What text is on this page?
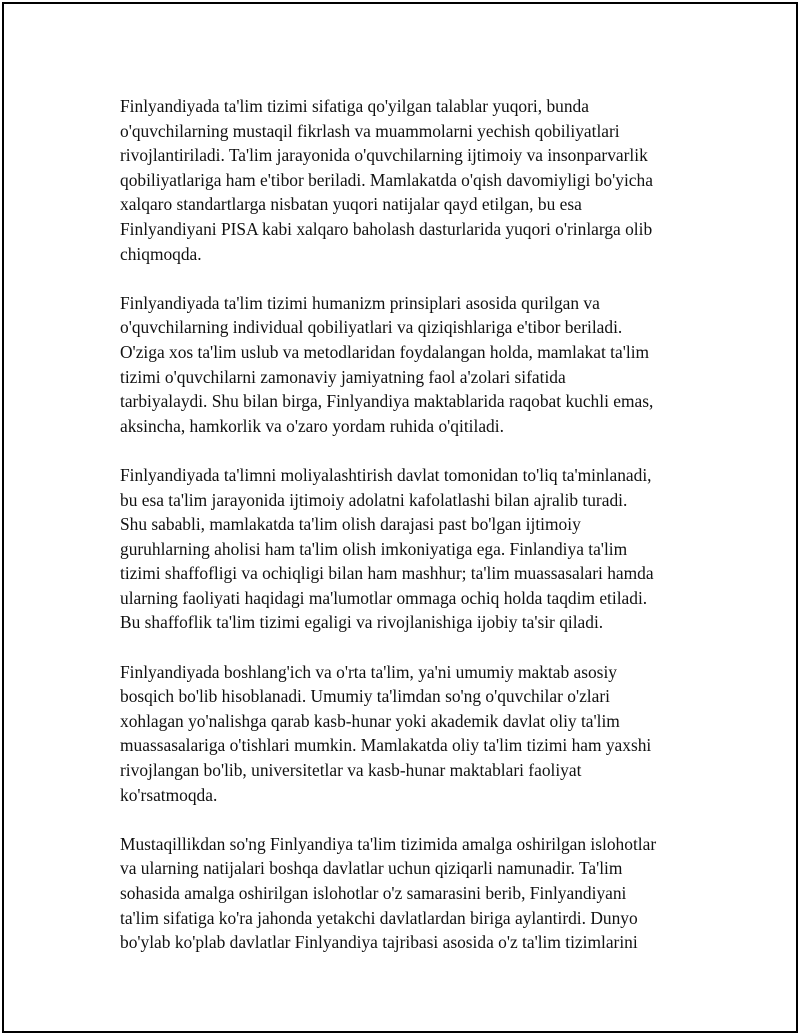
Finlyandiyada ta'lim tizimi sifatiga qo'yilgan talablar yuqori, bunda
o'quvchilarning mustaqil fikrlash va muammolarni yechish qobiliyatlari
rivojlantiriladi. Ta'lim jarayonida o'quvchilarning ijtimoiy va insonparvarlik
qobiliyatlariga ham e'tibor beriladi. Mamlakatda o'qish davomiyligi bo'yicha
xalqaro standartlarga nisbatan yuqori natijalar qayd etilgan, bu esa
Finlyandiyani PISA kabi xalqaro baholash dasturlarida yuqori o'rinlarga olib
chiqmoqda.

Finlyandiyada ta'lim tizimi humanizm prinsiplari asosida qurilgan va
o'quvchilarning individual qobiliyatlari va qiziqishlariga e'tibor beriladi.
O'ziga xos ta'lim uslub va metodlaridan foydalangan holda, mamlakat ta'lim
tizimi o'quvchilarni zamonaviy jamiyatning faol a'zolari sifatida
tarbiyalaydi. Shu bilan birga, Finlyandiya maktablarida raqobat kuchli emas,
aksincha, hamkorlik va o'zaro yordam ruhida o'qitiladi.

Finlyandiyada ta'limni moliyalashtirish davlat tomonidan to'liq ta'minlanadi,
bu esa ta'lim jarayonida ijtimoiy adolatni kafolatlashi bilan ajralib turadi.
Shu sababli, mamlakatda ta'lim olish darajasi past bo'lgan ijtimoiy
guruhlarning aholisi ham ta'lim olish imkoniyatiga ega. Finlandiya ta'lim
tizimi shaffofligi va ochiqligi bilan ham mashhur; ta'lim muassasalari hamda
ularning faoliyati haqidagi ma'lumotlar ommaga ochiq holda taqdim etiladi.
Bu shaffoflik ta'lim tizimi egaligi va rivojlanishiga ijobiy ta'sir qiladi.

Finlyandiyada boshlang'ich va o'rta ta'lim, ya'ni umumiy maktab asosiy
bosqich bo'lib hisoblanadi. Umumiy ta'limdan so'ng o'quvchilar o'zlari
xohlagan yo'nalishga qarab kasb-hunar yoki akademik davlat oliy ta'lim
muassasalariga o'tishlari mumkin. Mamlakatda oliy ta'lim tizimi ham yaxshi
rivojlangan bo'lib, universitetlar va kasb-hunar maktablari faoliyat
ko'rsatmoqda.

Mustaqillikdan so'ng Finlyandiya ta'lim tizimida amalga oshirilgan islohotlar
va ularning natijalari boshqa davlatlar uchun qiziqarli namunadir. Ta'lim
sohasida amalga oshirilgan islohotlar o'z samarasini berib, Finlyandiyani
ta'lim sifatiga ko'ra jahonda yetakchi davlatlardan biriga aylantirdi. Dunyo
bo'ylab ko'plab davlatlar Finlyandiya tajribasi asosida o'z ta'lim tizimlarini
